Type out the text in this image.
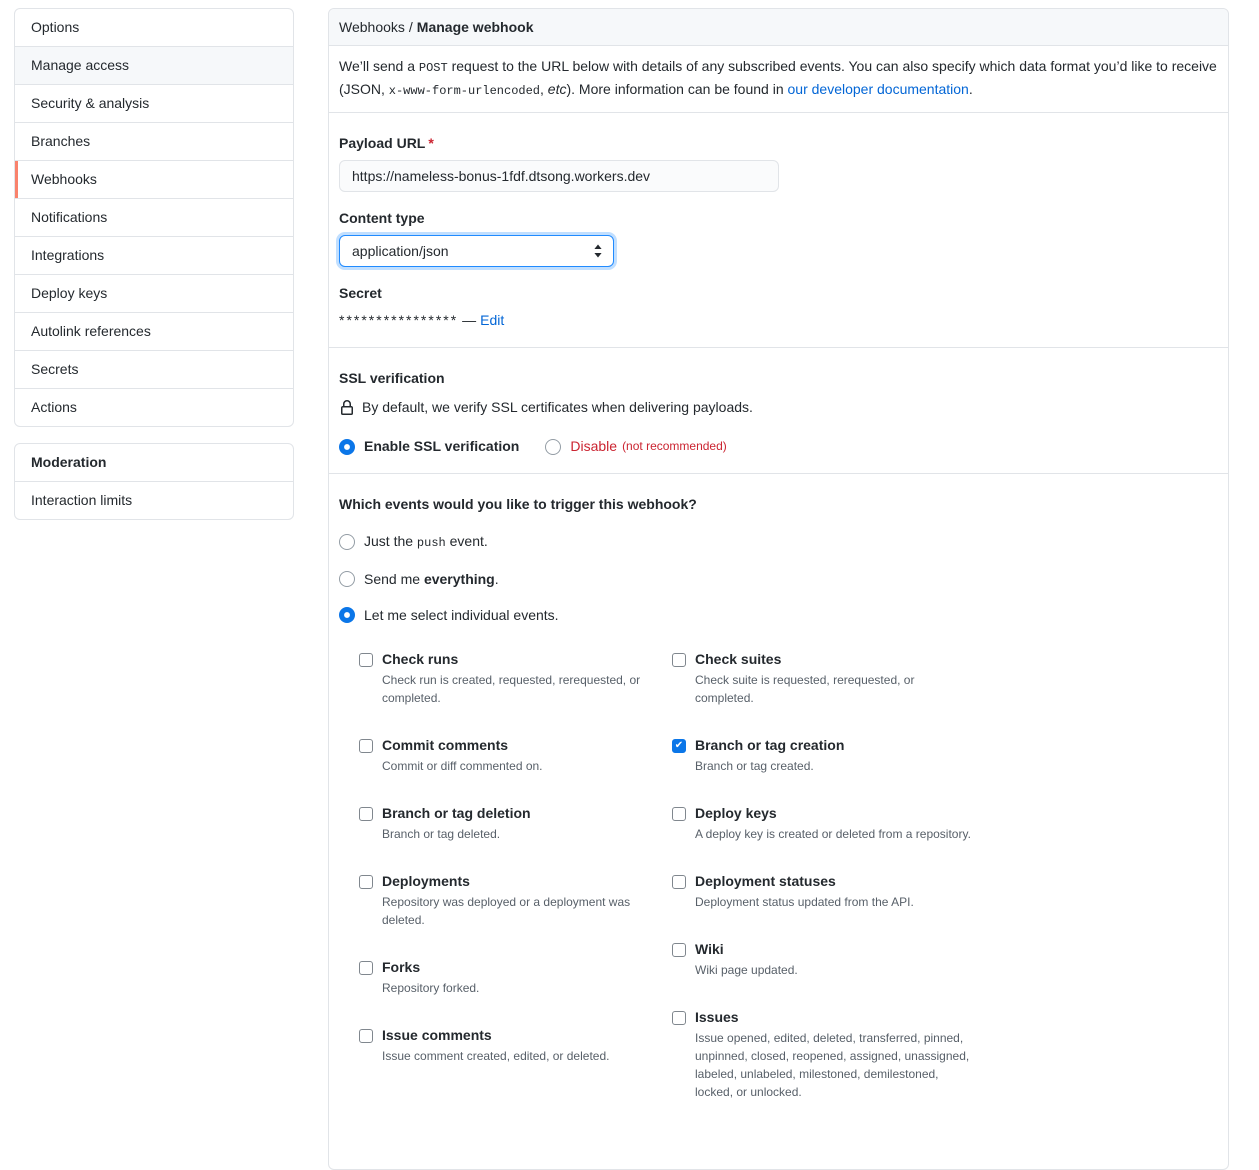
Options
Manage access
Security & analysis
Branches
Webhooks
Notifications
Integrations
Deploy keys
Autolink references
Secrets
Actions
Moderation
Interaction limits
Webhooks / Manage webhook
We’ll send a POST request to the URL below with details of any subscribed events. You can also specify which data format you’d like to receive (JSON, x-www-form-urlencoded, etc). More information can be found in our developer documentation.
Payload URL *
https://nameless-bonus-1fdf.dtsong.workers.dev
Content type
application/json
Secret
**************** — Edit
SSL verification
By default, we verify SSL certificates when delivering payloads.
Enable SSL verification	Disable (not recommended)
Which events would you like to trigger this webhook?
Just the push event.
Send me everything.
Let me select individual events.
Check runs
Check run is created, requested, rerequested, or completed.
Commit comments
Commit or diff commented on.
Branch or tag deletion
Branch or tag deleted.
Deployments
Repository was deployed or a deployment was deleted.
Forks
Repository forked.
Issue comments
Issue comment created, edited, or deleted.
Check suites
Check suite is requested, rerequested, or completed.
✔
Branch or tag creation
Branch or tag created.
Deploy keys
A deploy key is created or deleted from a repository.
Deployment statuses
Deployment status updated from the API.
Wiki
Wiki page updated.
Issues
Issue opened, edited, deleted, transferred, pinned, unpinned, closed, reopened, assigned, unassigned, labeled, unlabeled, milestoned, demilestoned, locked, or unlocked.
